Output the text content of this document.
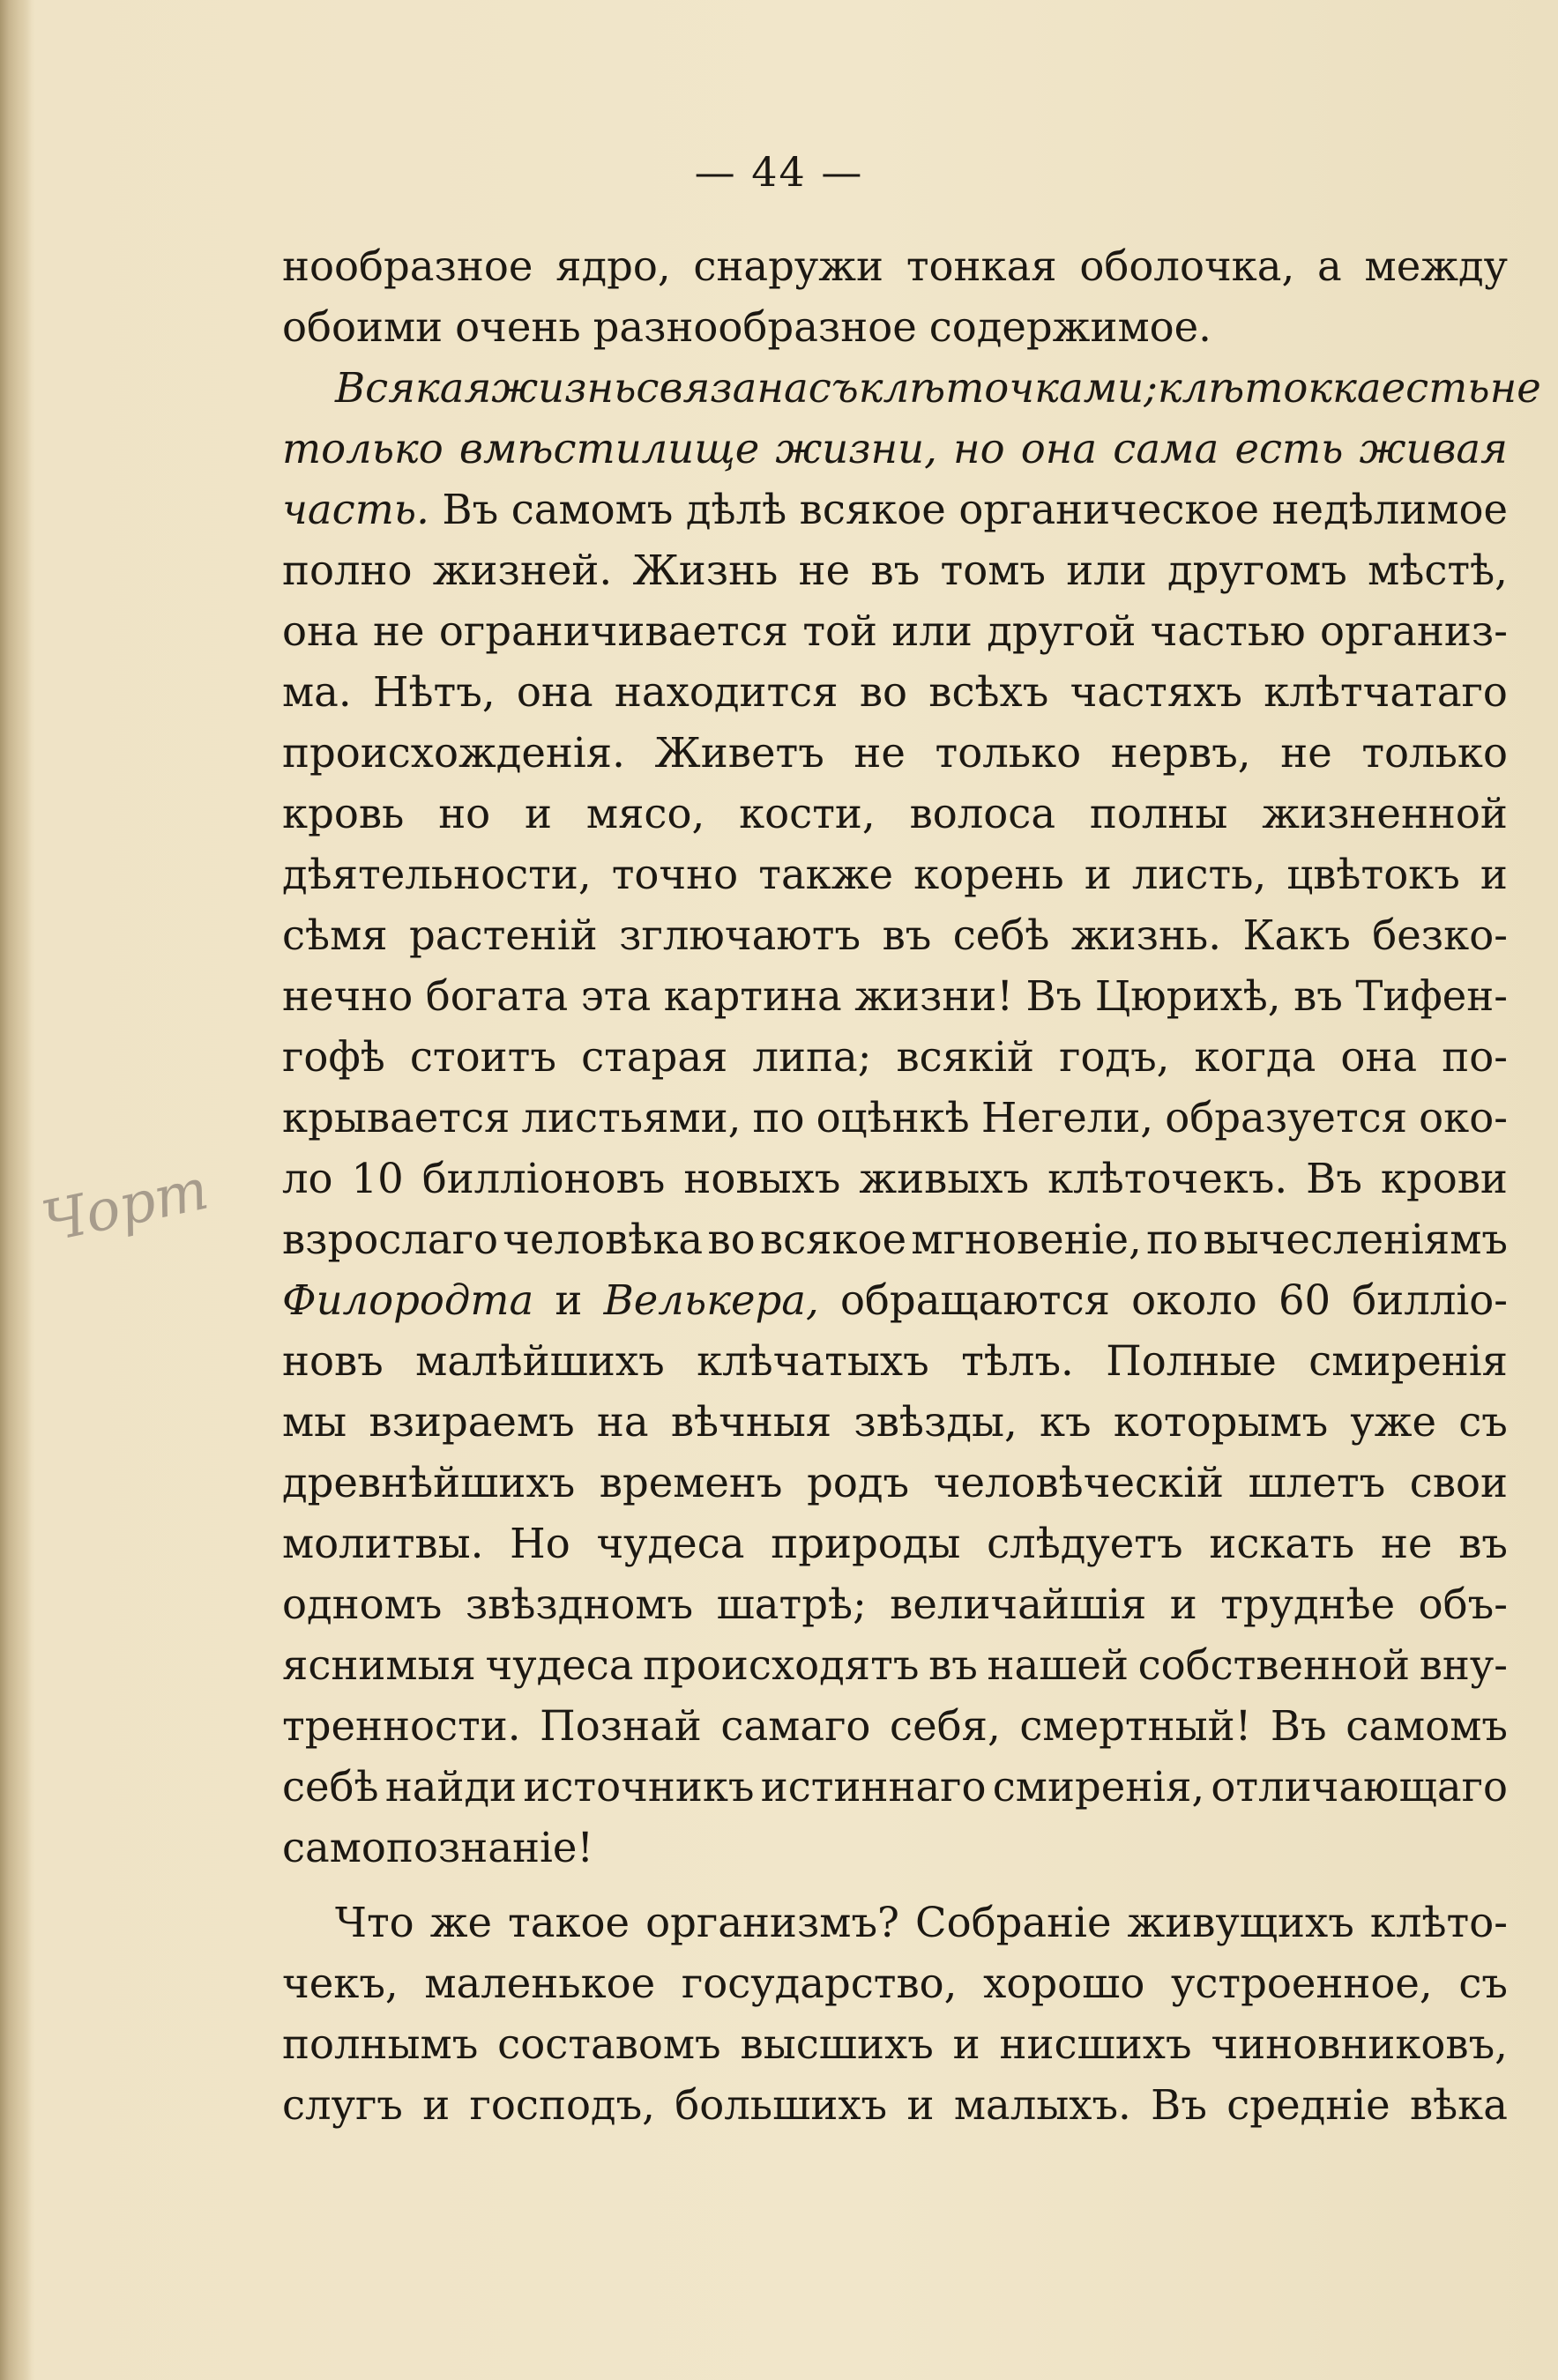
— 44 —
Чорт
нообразное ядро, снаружи тонкая оболочка, а между
обоими очень разнообразное содержимое.
Всякая жизнь связана съ клѣточками; клѣтокка есть не
только вмѣстилище жизни, но она сама есть живая
часть. Въ самомъ дѣлѣ всякое органическое недѣлимое
полно жизней. Жизнь не въ томъ или другомъ мѣстѣ,
она не ограничивается той или другой частью организ-
ма. Нѣтъ, она находится во всѣхъ частяхъ клѣтчатаго
происхожденія. Живетъ не только нервъ, не только
кровь но и мясо, кости, волоса полны жизненной
дѣятельности, точно также корень и листь, цвѣтокъ и
сѣмя растеній зглючаютъ въ себѣ жизнь. Какъ безко-
нечно богата эта картина жизни! Въ Цюрихѣ, въ Тифен-
гофѣ стоитъ старая липа; всякій годъ, когда она по-
крывается листьями, по оцѣнкѣ Негели, образуется око-
ло 10 билліоновъ новыхъ живыхъ клѣточекъ. Въ крови
взрослаго человѣка во всякое мгновеніе, по вычесленіямъ
Филородта и Велькера, обращаются около 60 билліо-
новъ малѣйшихъ клѣчатыхъ тѣлъ. Полные смиренія
мы взираемъ на вѣчныя звѣзды, къ которымъ уже съ
древнѣйшихъ временъ родъ человѣческій шлетъ свои
молитвы. Но чудеса природы слѣдуетъ искать не въ
одномъ звѣздномъ шатрѣ; величайшія и труднѣе объ-
яснимыя чудеса происходятъ въ нашей собственной вну-
тренности. Познай самаго себя, смертный! Въ самомъ
себѣ найди источникъ истиннаго смиренія, отличающаго
самопознаніе!
Что же такое организмъ? Собраніе живущихъ клѣто-
чекъ, маленькое государство, хорошо устроенное, съ
полнымъ составомъ высшихъ и нисшихъ чиновниковъ,
слугъ и господъ, большихъ и малыхъ. Въ средніе вѣка
